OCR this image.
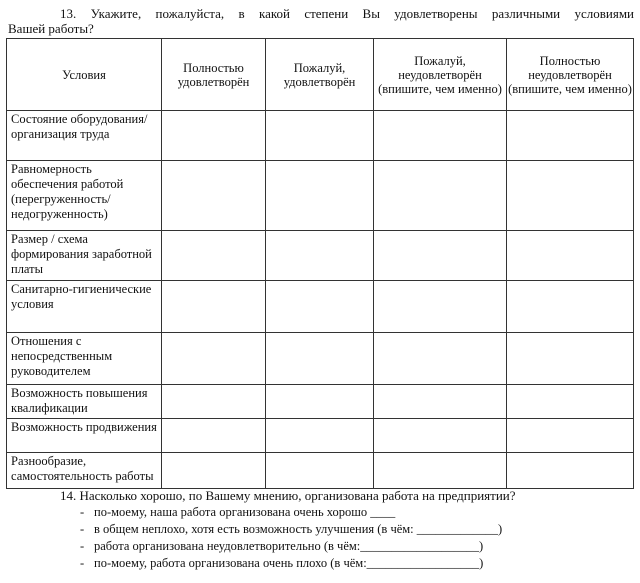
13. Укажите, пожалуйста, в какой степени Вы удовлетворены различными условиями
Вашей работы?
Условия	Полностью удовлетворён	Пожалуй, удовлетворён	Пожалуй, неудовлетворён (впишите, чем именно)	Полностью неудовлетворён (впишите, чем именно)
Состояние оборудования/ организация труда				
Равномерность обеспечения работой (перегруженность/ недогруженность)				
Размер / схема формирования заработной платы				
Санитарно-гигиенические условия				
Отношения с непосредственным руководителем				
Возможность повышения квалификации				
Возможность продвижения				
Разнообразие, самостоятельность работы				
14. Насколько хорошо, по Вашему мнению, организована работа на предприятии?
- по-моему, наша работа организована очень хорошо ____
- в общем неплохо, хотя есть возможность улучшения (в чём: _____________)
- работа организована неудовлетворительно (в чём:___________________)
- по-моему, работа организована очень плохо (в чём:__________________)
